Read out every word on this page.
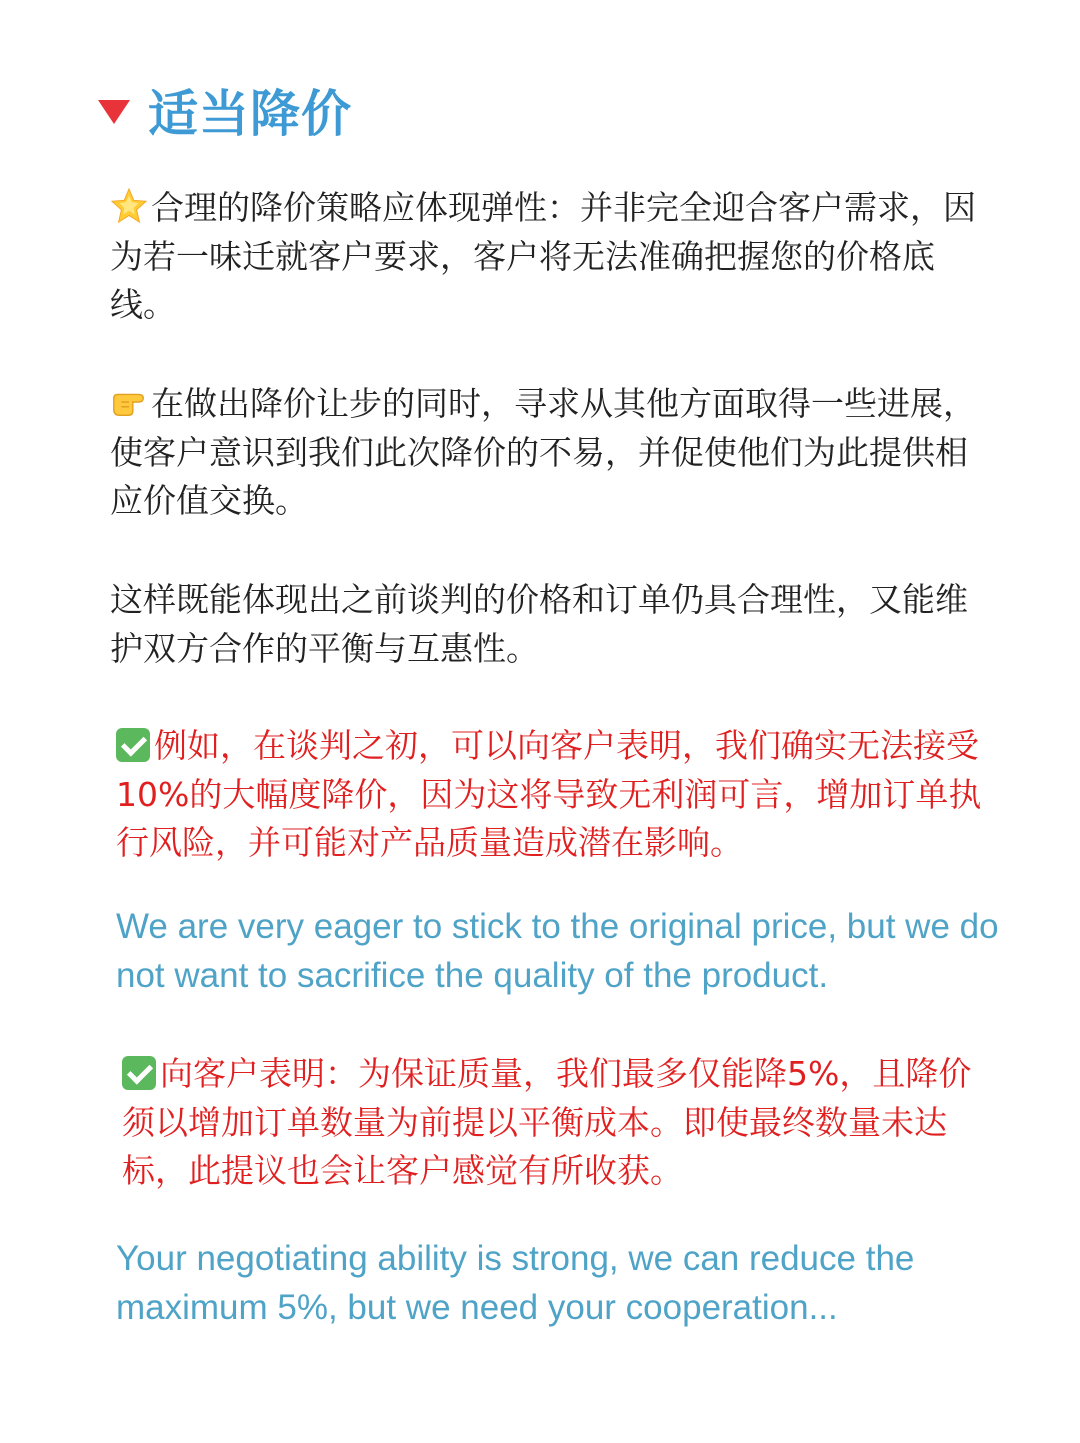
适当降价

合理的降价策略应体现弹性：并非完全迎合客户需求，因为若一味迁就客户要求，客户将无法准确把握您的价格底线。

在做出降价让步的同时，寻求从其他方面取得一些进展，使客户意识到我们此次降价的不易，并促使他们为此提供相应价值交换。

这样既能体现出之前谈判的价格和订单仍具合理性，又能维护双方合作的平衡与互惠性。

例如，在谈判之初，可以向客户表明，我们确实无法接受10%的大幅度降价，因为这将导致无利润可言，增加订单执行风险，并可能对产品质量造成潜在影响。

We are very eager to stick to the original price, but we do not want to sacrifice the quality of the product.

向客户表明：为保证质量，我们最多仅能降5%，且降价须以增加订单数量为前提以平衡成本。即使最终数量未达标，此提议也会让客户感觉有所收获。

Your negotiating ability is strong, we can reduce the maximum 5%, but we need your cooperation...
